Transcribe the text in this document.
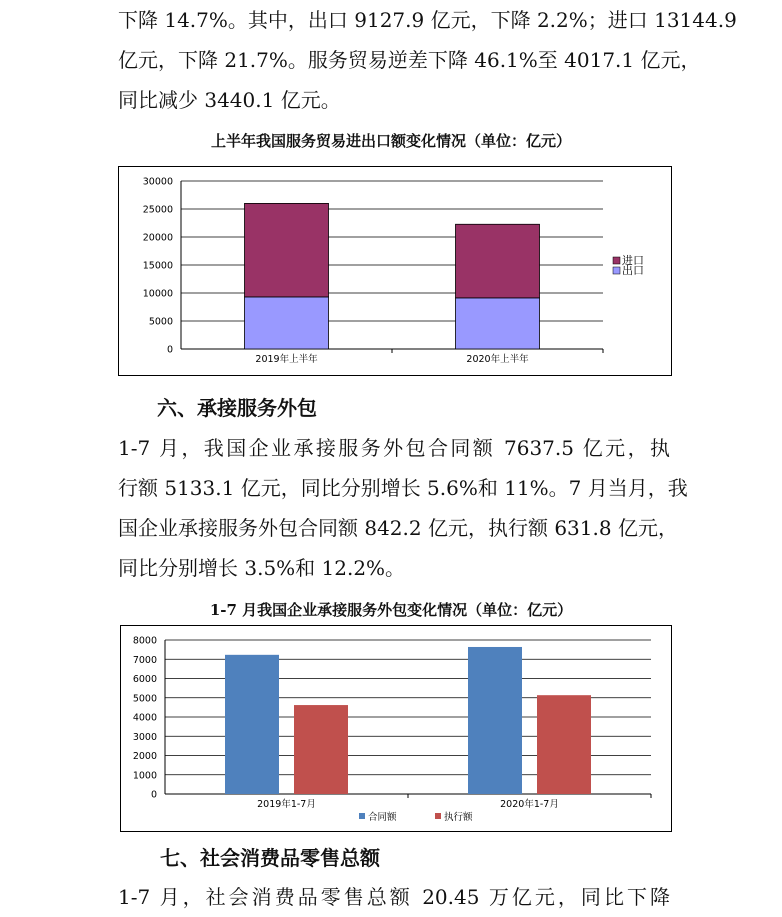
下降 14.7%。其中，出口 9127.9 亿元，下降 2.2%；进口 13144.9
亿元，下降 21.7%。服务贸易逆差下降 46.1%至 4017.1 亿元，
同比减少 3440.1 亿元。

上半年我国服务贸易进出口额变化情况（单位：亿元）

0
5000
10000
15000
20000
25000
30000
2019年上半年	2020年上半年
进口
出口

六、承接服务外包

1-7 月，我国企业承接服务外包合同额 7637.5 亿元，执
行额 5133.1 亿元，同比分别增长 5.6%和 11%。7 月当月，我
国企业承接服务外包合同额 842.2 亿元，执行额 631.8 亿元，
同比分别增长 3.5%和 12.2%。

1-7 月我国企业承接服务外包变化情况（单位：亿元）

0
1000
2000
3000
4000
5000
6000
7000
8000
2019年1-7月	2020年1-7月
合同额	执行额

七、社会消费品零售总额

1-7 月，社会消费品零售总额 20.45 万亿元，同比下降
